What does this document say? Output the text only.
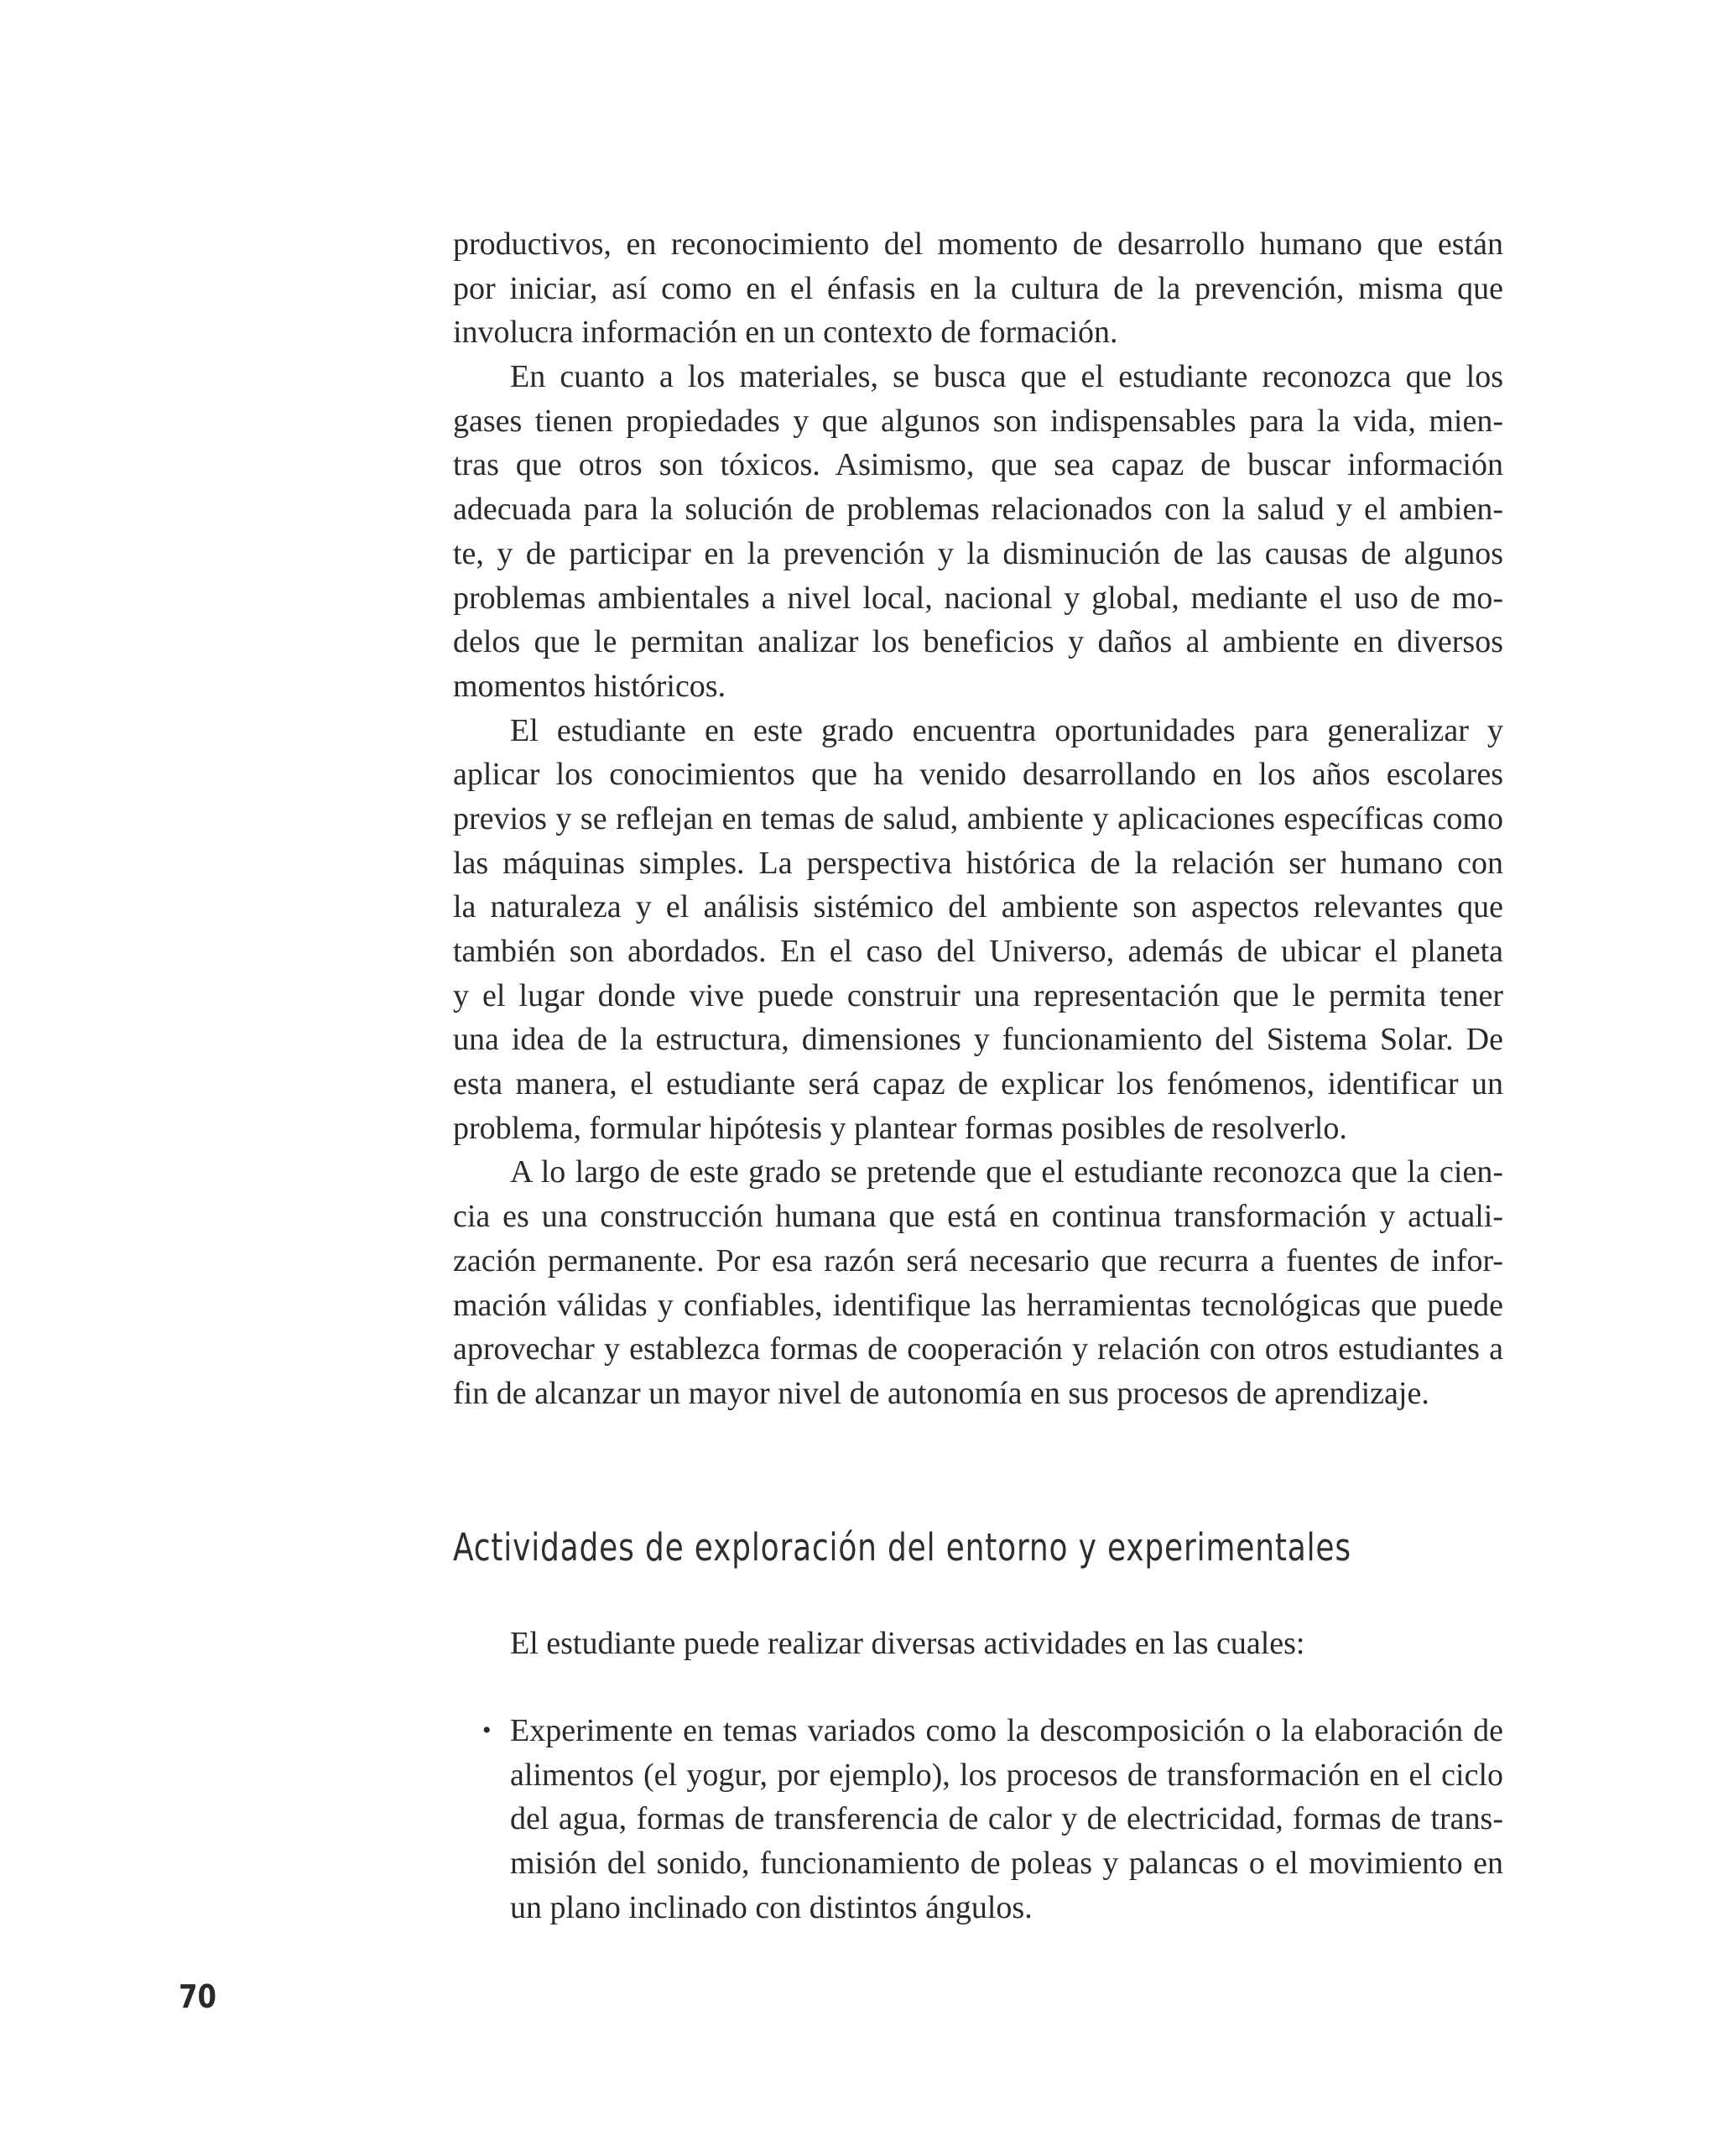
productivos, en reconocimiento del momento de desarrollo humano que están
por iniciar, así como en el énfasis en la cultura de la prevención, misma que
involucra información en un contexto de formación.
En cuanto a los materiales, se busca que el estudiante reconozca que los
gases tienen propiedades y que algunos son indispensables para la vida, mien-
tras que otros son tóxicos. Asimismo, que sea capaz de buscar información
adecuada para la solución de problemas relacionados con la salud y el ambien-
te, y de participar en la prevención y la disminución de las causas de algunos
problemas ambientales a nivel local, nacional y global, mediante el uso de mo-
delos que le permitan analizar los beneficios y daños al ambiente en diversos
momentos históricos.
El estudiante en este grado encuentra oportunidades para generalizar y
aplicar los conocimientos que ha venido desarrollando en los años escolares
previos y se reflejan en temas de salud, ambiente y aplicaciones específicas como
las máquinas simples. La perspectiva histórica de la relación ser humano con
la naturaleza y el análisis sistémico del ambiente son aspectos relevantes que
también son abordados. En el caso del Universo, además de ubicar el planeta
y el lugar donde vive puede construir una representación que le permita tener
una idea de la estructura, dimensiones y funcionamiento del Sistema Solar. De
esta manera, el estudiante será capaz de explicar los fenómenos, identificar un
problema, formular hipótesis y plantear formas posibles de resolverlo.
A lo largo de este grado se pretende que el estudiante reconozca que la cien-
cia es una construcción humana que está en continua transformación y actuali-
zación permanente. Por esa razón será necesario que recurra a fuentes de infor-
mación válidas y confiables, identifique las herramientas tecnológicas que puede
aprovechar y establezca formas de cooperación y relación con otros estudiantes a
fin de alcanzar un mayor nivel de autonomía en sus procesos de aprendizaje.
Actividades de exploración del entorno y experimentales
El estudiante puede realizar diversas actividades en las cuales:
• Experimente en temas variados como la descomposición o la elaboración de
alimentos (el yogur, por ejemplo), los procesos de transformación en el ciclo
del agua, formas de transferencia de calor y de electricidad, formas de trans-
misión del sonido, funcionamiento de poleas y palancas o el movimiento en
un plano inclinado con distintos ángulos.
70
